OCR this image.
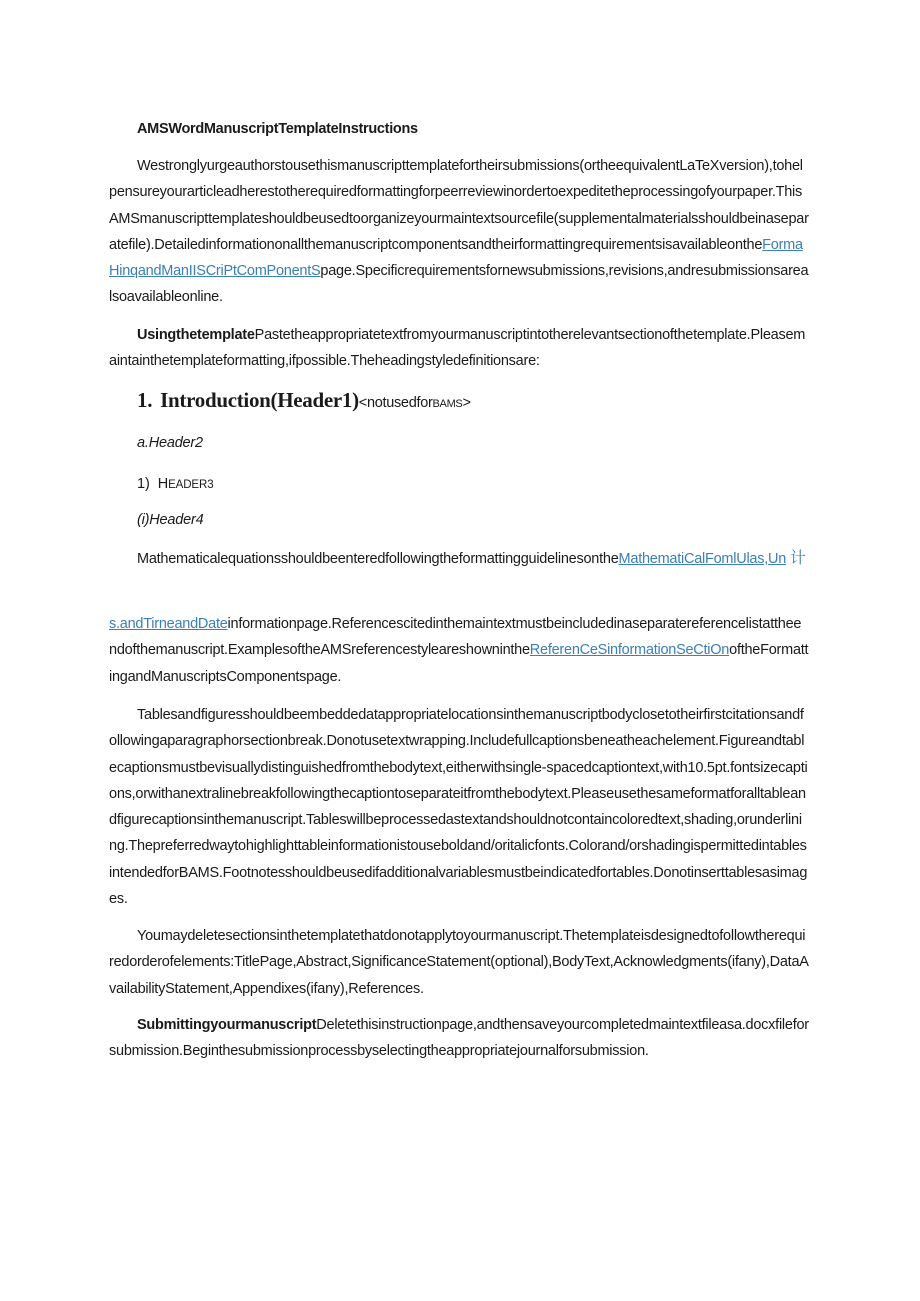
AMSWordManuscriptTemplateInstructions

Westronglyurgeauthorstousethismanuscripttemplatefortheirsubmissions(ortheequivalentLaTeXversion),tohelpensureyourarticleadherestotherequiredformattingforpeerreviewinordertoexpeditetheprocessingofyourpaper.ThisAMSmanuscripttemplateshouldbeusedtoorganizeyourmaintextsourcefile(supplementalmaterialsshouldbeinaseparatefile).DetailedinformationonallthemanuscriptcomponentsandtheirformattingrequirementsisavailableontheFormaHinqandManIISCriPtComPonentSpage.Specificrequirementsfornewsubmissions,revisions,andresubmissionsarealsoavailableonline.

UsingthetemplatePastetheappropriatetextfromyourmanuscriptintotherelevantsectionofthetemplate.Pleasemaintainthetemplateformatting,ifpossible.Theheadingstyledefinitionsare:

1. Introduction(Header1)<notusedforBAMS>

a.Header2

1) HEADER3

(i)Header4

MathematicalequationsshouldbeenteredfollowingtheformattingguidelinesontheMathematiCalFomlUlas,Un 计

s.andTirneandDateinformationpage.Referencescitedinthemaintextmustbeincludedinaseparatereferencelistattheendofthemanuscript.ExamplesoftheAMSreferencestyleareshownintheReferenCeSinformationSeCtiOnoftheFormattingandManuscriptsComponentspage.

Tablesandfiguresshouldbeembeddedatappropriatelocationsinthemanuscriptbodyclosetotheirfirstcitationsandfollowingaparagraphorsectionbreak.Donotusetextwrapping.Includefullcaptionsbeneatheachelement.Figureandtablecaptionsmustbevisuallydistinguishedfromthebodytext,eitherwithsingle-spacedcaptiontext,with10.5pt.fontsizecaptions,orwithanextralinebreakfollowingthecaptiontoseparateitfromthebodytext.Pleaseusethesameformatforalltableandfigurecaptionsinthemanuscript.Tableswillbeprocessedastextandshouldnotcontaincoloredtext,shading,orunderlining.Thepreferredwaytohighlighttableinformationistouseboldand/oritalicfonts.Colorand/orshadingispermittedintablesintendedforBAMS.Footnotesshouldbeusedifadditionalvariablesmustbeindicatedfortables.Donotinserttablesasimages.

Youmaydeletesectionsinthetemplatethatdonotapplytoyourmanuscript.Thetemplateisdesignedtofollowtherequiredorderofelements:TitlePage,Abstract,SignificanceStatement(optional),BodyText,Acknowledgments(ifany),DataAvailabilityStatement,Appendixes(ifany),References.

SubmittingyourmanuscriptDeletethisinstructionpage,andthensaveyourcompletedmaintextfileasa.docxfileforsubmission.Beginthesubmissionprocessbyselectingtheappropriatejournalforsubmission.
